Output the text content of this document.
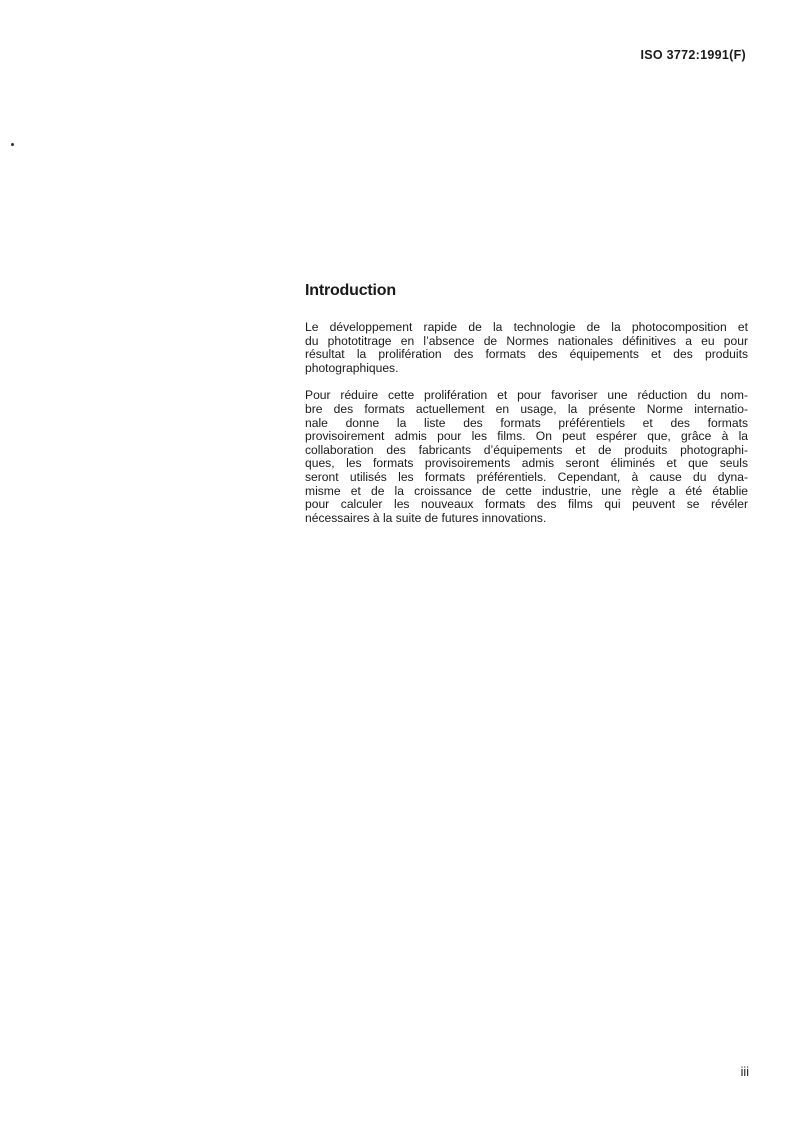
ISO 3772:1991(F)
Introduction
Le développement rapide de la technologie de la photocomposition et
du phototitrage en l’absence de Normes nationales définitives a eu pour
résultat la prolifération des formats des équipements et des produits
photographiques.
Pour réduire cette prolifération et pour favoriser une réduction du nom-
bre des formats actuellement en usage, la présente Norme internatio-
nale donne la liste des formats préférentiels et des formats
provisoirement admis pour les films. On peut espérer que, grâce à la
collaboration des fabricants d’équipements et de produits photographi-
ques, les formats provisoirements admis seront éliminés et que seuls
seront utilisés les formats préférentiels. Cependant, à cause du dyna-
misme et de la croissance de cette industrie, une règle a été établie
pour calculer les nouveaux formats des films qui peuvent se révéler
nécessaires à la suite de futures innovations.
iii
